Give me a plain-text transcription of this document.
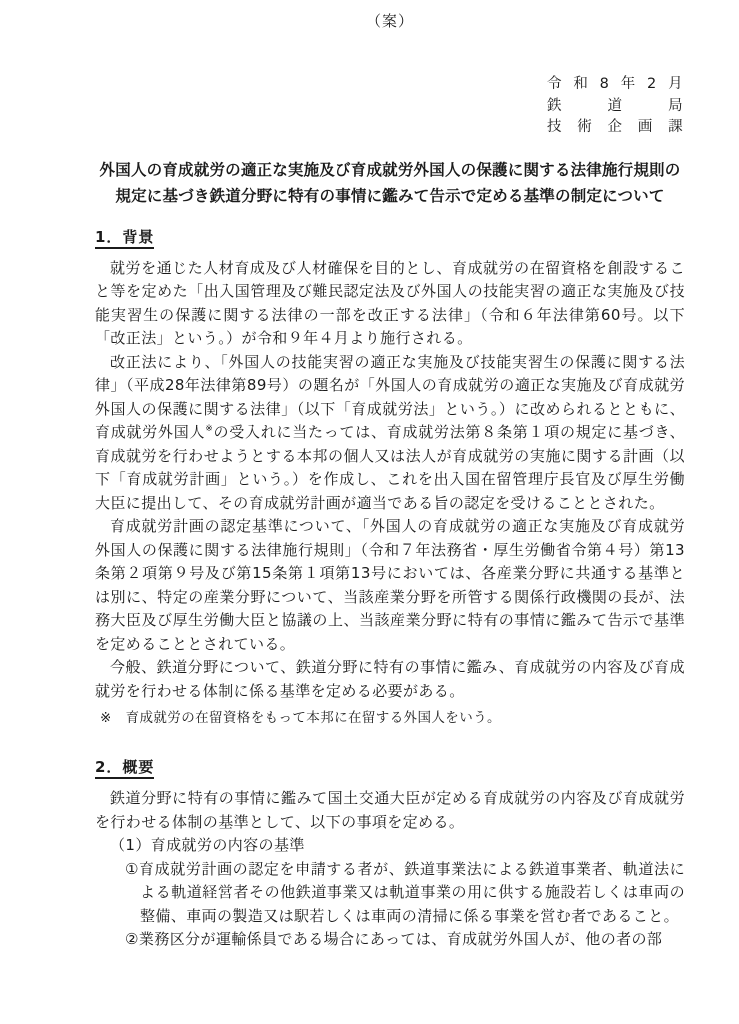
（案）
令和8年2月
鉄道局
技術企画課
外国人の育成就労の適正な実施及び育成就労外国人の保護に関する法律施行規則の
規定に基づき鉄道分野に特有の事情に鑑みて告示で定める基準の制定について
1．背景

就労を通じた人材育成及び人材確保を目的とし、育成就労の在留資格を創設すること等を定めた「出入国管理及び難民認定法及び外国人の技能実習の適正な実施及び技能実習生の保護に関する法律の一部を改正する法律」（令和６年法律第60号。以下「改正法」という。）が令和９年４月より施行される。

改正法により、「外国人の技能実習の適正な実施及び技能実習生の保護に関する法律」（平成28年法律第89号）の題名が「外国人の育成就労の適正な実施及び育成就労外国人の保護に関する法律」（以下「育成就労法」という。）に改められるとともに、育成就労外国人※の受入れに当たっては、育成就労法第８条第１項の規定に基づき、育成就労を行わせようとする本邦の個人又は法人が育成就労の実施に関する計画（以下「育成就労計画」という。）を作成し、これを出入国在留管理庁長官及び厚生労働大臣に提出して、その育成就労計画が適当である旨の認定を受けることとされた。

育成就労計画の認定基準について、「外国人の育成就労の適正な実施及び育成就労外国人の保護に関する法律施行規則」（令和７年法務省・厚生労働省令第４号）第13条第２項第９号及び第15条第１項第13号においては、各産業分野に共通する基準とは別に、特定の産業分野について、当該産業分野を所管する関係行政機関の長が、法務大臣及び厚生労働大臣と協議の上、当該産業分野に特有の事情に鑑みて告示で基準を定めることとされている。

今般、鉄道分野について、鉄道分野に特有の事情に鑑み、育成就労の内容及び育成就労を行わせる体制に係る基準を定める必要がある。

※　育成就労の在留資格をもって本邦に在留する外国人をいう。

2．概要

鉄道分野に特有の事情に鑑みて国土交通大臣が定める育成就労の内容及び育成就労を行わせる体制の基準として、以下の事項を定める。

（1）育成就労の内容の基準

①育成就労計画の認定を申請する者が、鉄道事業法による鉄道事業者、軌道法による軌道経営者その他鉄道事業又は軌道事業の用に供する施設若しくは車両の整備、車両の製造又は駅若しくは車両の清掃に係る事業を営む者であること。

②業務区分が運輸係員である場合にあっては、育成就労外国人が、他の者の部
